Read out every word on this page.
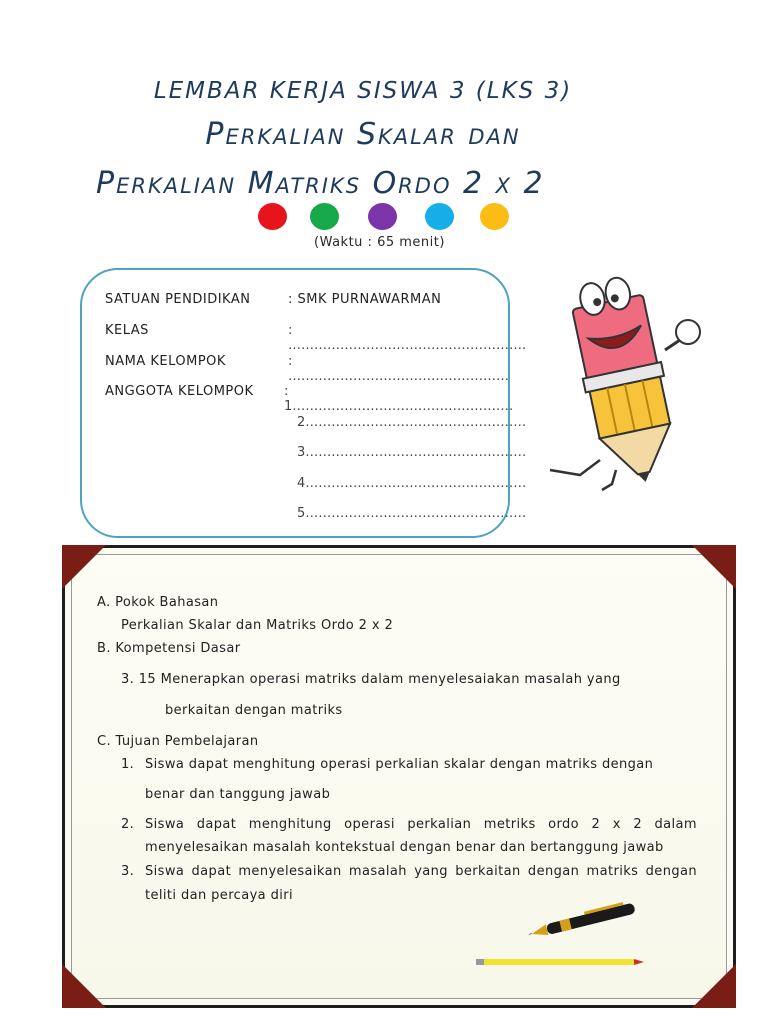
LEMBAR KERJA SISWA 3 (LKS 3)
Perkalian Skalar dan
Perkalian Matriks Ordo 2 x 2
(Waktu : 65 menit)
SATUAN PENDIDIKAN	: SMK PURNAWARMAN
KELAS	: ……………………………………………….
NAMA KELOMPOK	: ……………………………………………
ANGGOTA KELOMPOK : 1……………………………………………
2……………………………………………
3……………………………………………
4……………………………………………
5……………………………………………
A. Pokok Bahasan
Perkalian Skalar dan Matriks Ordo 2 x 2
B. Kompetensi Dasar
3. 15 Menerapkan operasi matriks dalam menyelesaiakan masalah yang
berkaitan dengan matriks
C. Tujuan Pembelajaran
1. Siswa dapat menghitung operasi perkalian skalar dengan matriks dengan
benar dan tanggung jawab
2. Siswa dapat menghitung operasi perkalian metriks ordo 2 x 2 dalam
menyelesaikan masalah kontekstual dengan benar dan bertanggung jawab
3. Siswa dapat menyelesaikan masalah yang berkaitan dengan matriks dengan
teliti dan percaya diri
